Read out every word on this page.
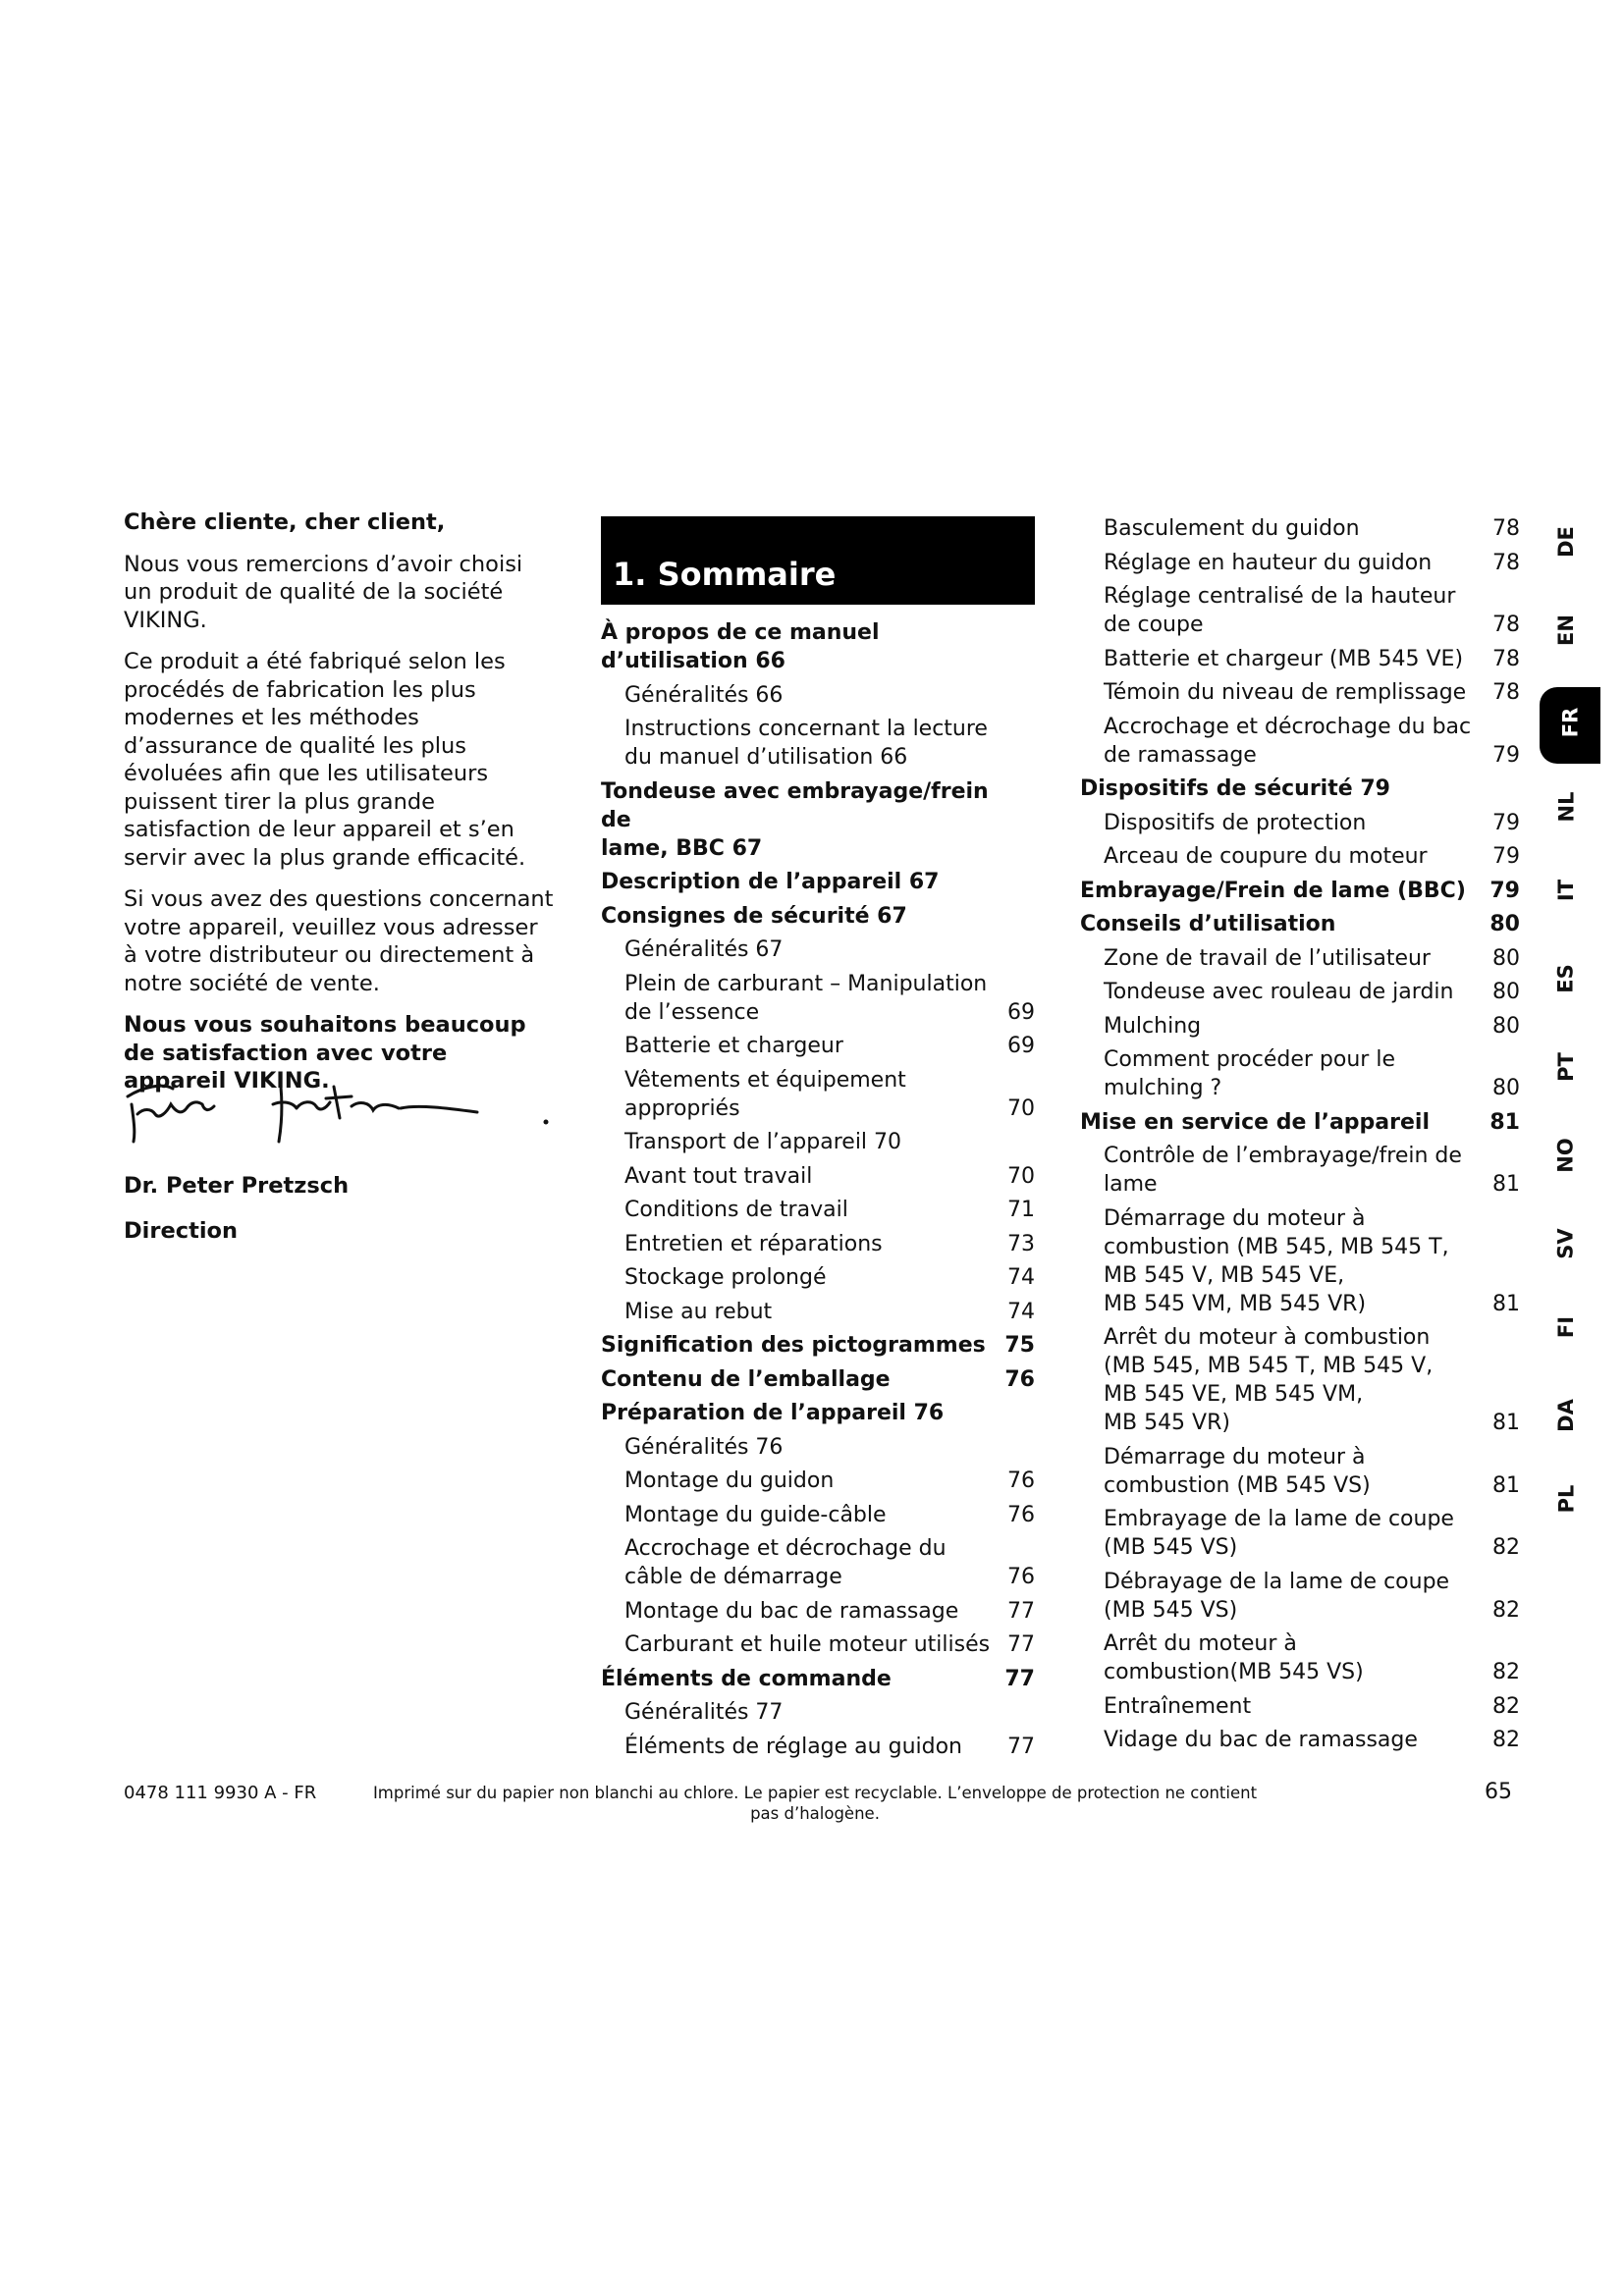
Chère cliente, cher client,
Nous vous remercions d’avoir choisi un produit de qualité de la société VIKING.
Ce produit a été fabriqué selon les procédés de fabrication les plus modernes et les méthodes d’assurance de qualité les plus évoluées afin que les utilisateurs puissent tirer la plus grande satisfaction de leur appareil et s’en servir avec la plus grande efficacité.
Si vous avez des questions concernant votre appareil, veuillez vous adresser à votre distributeur ou directement à notre société de vente.
Nous vous souhaitons beaucoup de satisfaction avec votre appareil VIKING.
Dr. Peter Pretzsch
Direction
1. Sommaire
À propos de ce manuel
d’utilisation 66
Généralités 66
Instructions concernant la lecture
du manuel d’utilisation 66
Tondeuse avec embrayage/frein de
lame, BBC 67
Description de l’appareil 67
Consignes de sécurité 67
Généralités 67
Plein de carburant – Manipulation
de l’essence	69
Batterie et chargeur	69
Vêtements et équipement
appropriés	70
Transport de l’appareil 70
Avant tout travail	70
Conditions de travail	71
Entretien et réparations	73
Stockage prolongé	74
Mise au rebut	74
Signification des pictogrammes 75
Contenu de l’emballage	76
Préparation de l’appareil 76
Généralités 76
Montage du guidon	76
Montage du guide-câble	76
Accrochage et décrochage du
câble de démarrage	76
Montage du bac de ramassage	77
Carburant et huile moteur utilisés 77
Éléments de commande	77
Généralités 77
Éléments de réglage au guidon	77
Basculement du guidon	78
Réglage en hauteur du guidon	78
Réglage centralisé de la hauteur
de coupe	78
Batterie et chargeur (MB 545 VE)	78
Témoin du niveau de remplissage	78
Accrochage et décrochage du bac
de ramassage	79
Dispositifs de sécurité 79
Dispositifs de protection	79
Arceau de coupure du moteur	79
Embrayage/Frein de lame (BBC)	79
Conseils d’utilisation	80
Zone de travail de l’utilisateur	80
Tondeuse avec rouleau de jardin	80
Mulching	80
Comment procéder pour le
mulching ?	80
Mise en service de l’appareil	81
Contrôle de l’embrayage/frein de
lame	81
Démarrage du moteur à
combustion (MB 545, MB 545 T,
MB 545 V, MB 545 VE,
MB 545 VM, MB 545 VR)	81
Arrêt du moteur à combustion
(MB 545, MB 545 T, MB 545 V,
MB 545 VE, MB 545 VM,
MB 545 VR)	81
Démarrage du moteur à
combustion (MB 545 VS)	81
Embrayage de la lame de coupe
(MB 545 VS)	82
Débrayage de la lame de coupe
(MB 545 VS)	82
Arrêt du moteur à
combustion(MB 545 VS)	82
Entraînement	82
Vidage du bac de ramassage	82
DE
EN
FR
NL
IT
ES
PT
NO
SV
FI
DA
PL
0478 111 9930 A - FR	Imprimé sur du papier non blanchi au chlore. Le papier est recyclable. L’enveloppe de protection ne contient pas d’halogène.
65
